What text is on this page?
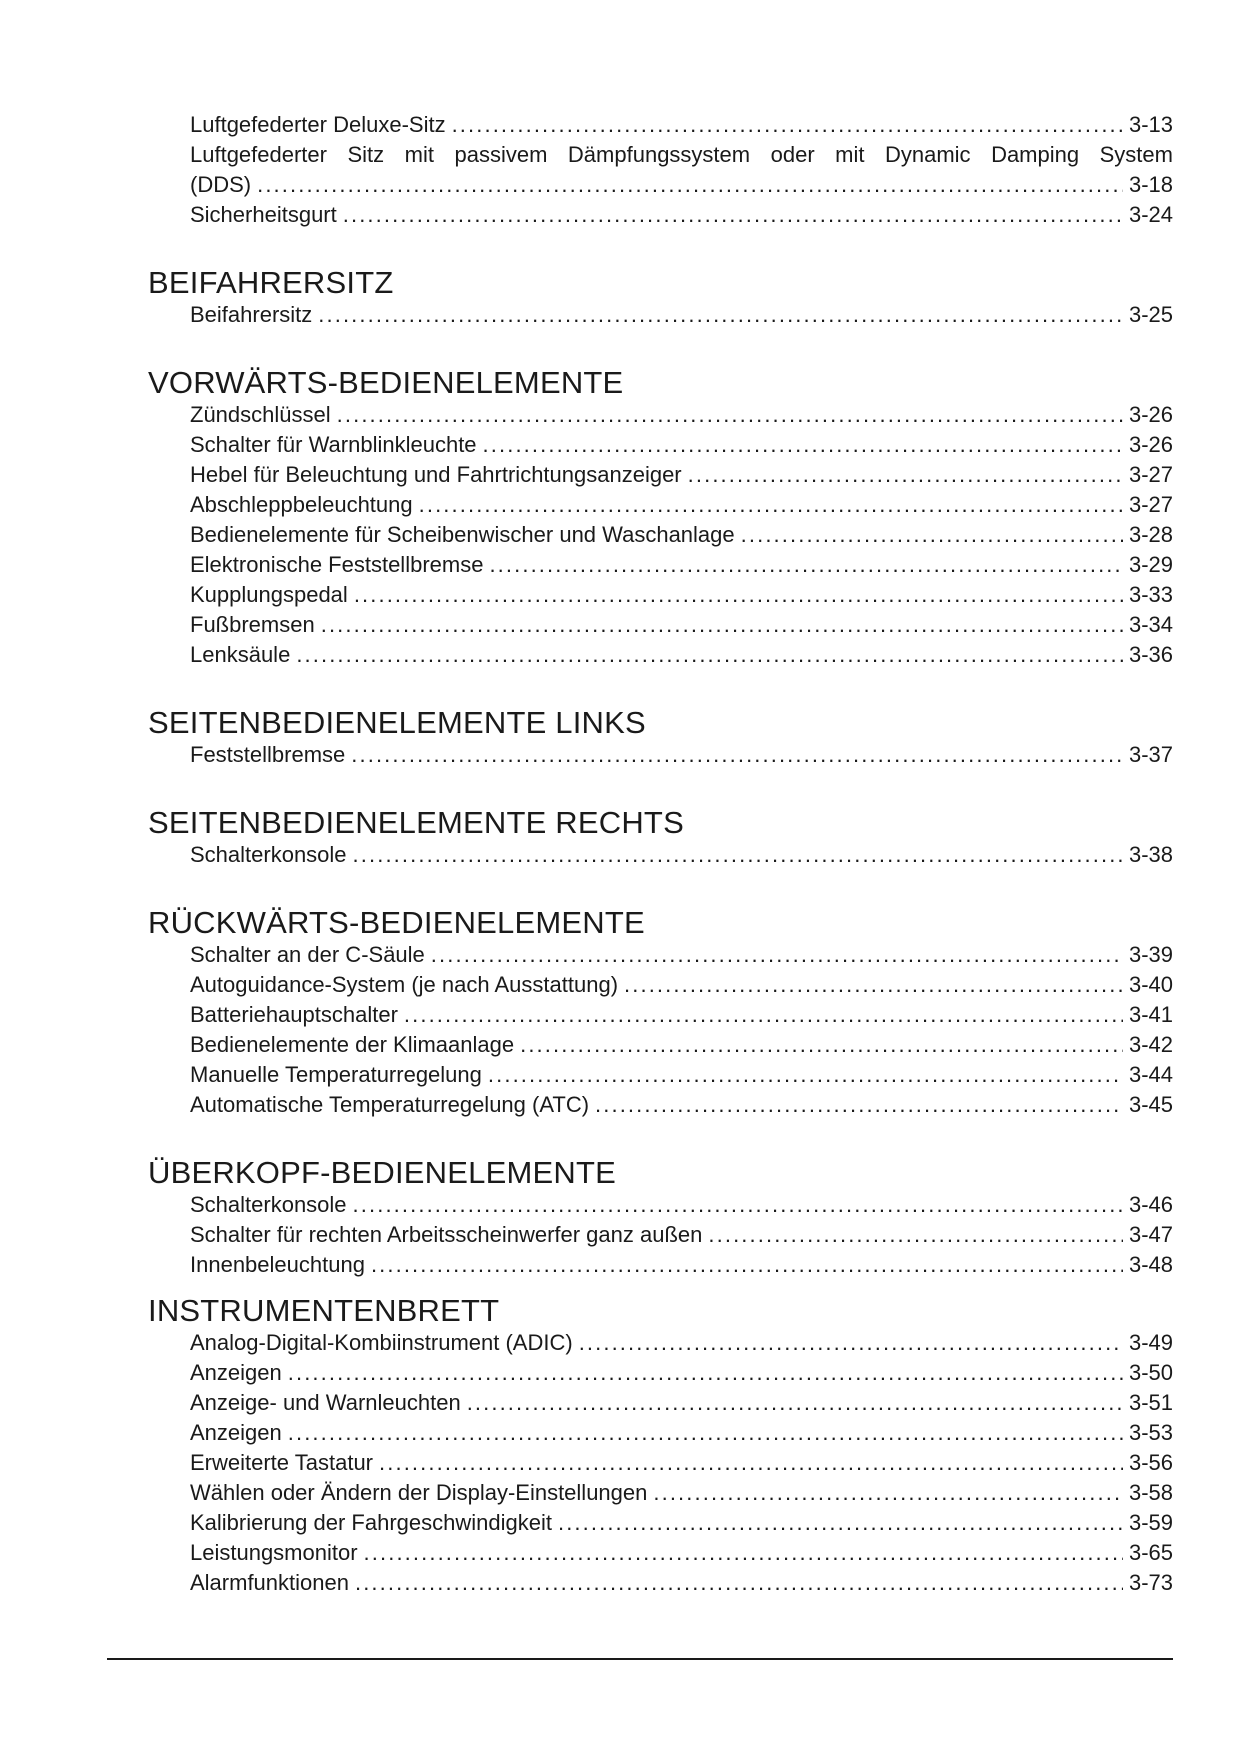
Luftgefederter Deluxe-Sitz . . .	3-13
Luftgefederter Sitz mit passivem Dämpfungssystem oder mit Dynamic Damping System
(DDS) . . .	3-18
Sicherheitsgurt . . .	3-24
BEIFAHRERSITZ
Beifahrersitz . . .	3-25
VORWÄRTS-BEDIENELEMENTE
Zündschlüssel . . .	3-26
Schalter für Warnblinkleuchte . . .	3-26
Hebel für Beleuchtung und Fahrtrichtungsanzeiger . . .	3-27
Abschleppbeleuchtung . . .	3-27
Bedienelemente für Scheibenwischer und Waschanlage . . .	3-28
Elektronische Feststellbremse . . .	3-29
Kupplungspedal . . .	3-33
Fußbremsen . . .	3-34
Lenksäule . . .	3-36
SEITENBEDIENELEMENTE LINKS
Feststellbremse . . .	3-37
SEITENBEDIENELEMENTE RECHTS
Schalterkonsole . . .	3-38
RÜCKWÄRTS-BEDIENELEMENTE
Schalter an der C-Säule . . .	3-39
Autoguidance-System (je nach Ausstattung) . . .	3-40
Batteriehauptschalter . . .	3-41
Bedienelemente der Klimaanlage . . .	3-42
Manuelle Temperaturregelung . . .	3-44
Automatische Temperaturregelung (ATC) . . .	3-45
ÜBERKOPF-BEDIENELEMENTE
Schalterkonsole . . .	3-46
Schalter für rechten Arbeitsscheinwerfer ganz außen . . .	3-47
Innenbeleuchtung . . .	3-48
INSTRUMENTENBRETT
Analog-Digital-Kombiinstrument (ADIC) . . .	3-49
Anzeigen . . .	3-50
Anzeige- und Warnleuchten . . .	3-51
Anzeigen . . .	3-53
Erweiterte Tastatur . . .	3-56
Wählen oder Ändern der Display-Einstellungen . . .	3-58
Kalibrierung der Fahrgeschwindigkeit . . .	3-59
Leistungsmonitor . . .	3-65
Alarmfunktionen . . .	3-73
